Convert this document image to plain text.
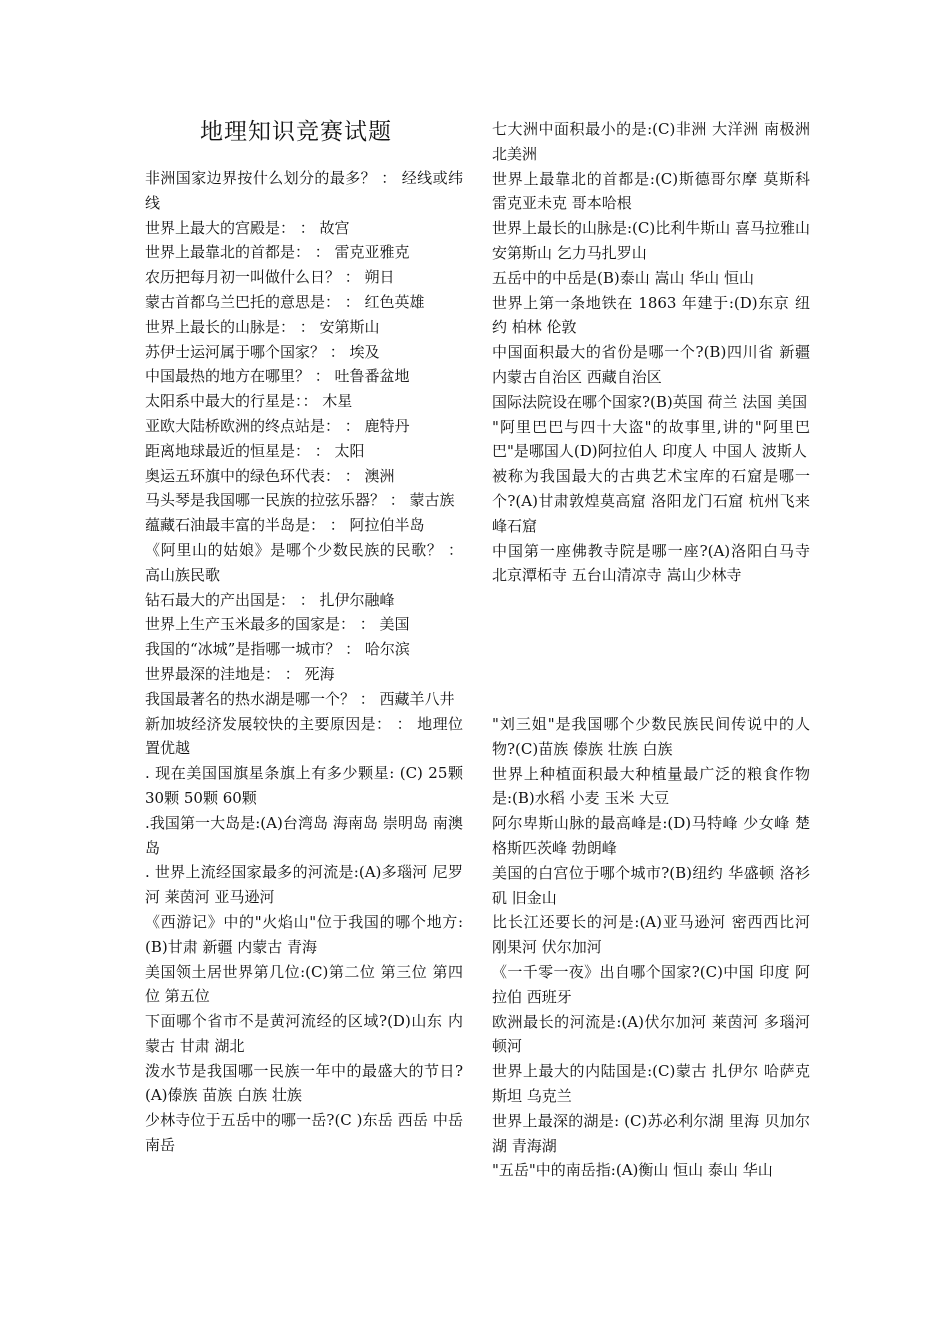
地理知识竞赛试题
非洲国家边界按什么划分的最多？ ： 经线或纬线
世界上最大的宫殿是： ： 故宫
世界上最靠北的首都是： ： 雷克亚雅克
农历把每月初一叫做什么日？ ： 朔日
蒙古首都乌兰巴托的意思是： ： 红色英雄
世界上最长的山脉是： ： 安第斯山
苏伊士运河属于哪个国家？ ： 埃及
中国最热的地方在哪里？ ： 吐鲁番盆地
太阳系中最大的行星是：： 木星
亚欧大陆桥欧洲的终点站是： ： 鹿特丹
距离地球最近的恒星是： ： 太阳
奥运五环旗中的绿色环代表： ： 澳洲
马头琴是我国哪一民族的拉弦乐器？ ： 蒙古族
蕴藏石油最丰富的半岛是： ： 阿拉伯半岛
《阿里山的姑娘》是哪个少数民族的民歌？ ： 高山族民歌
钻石最大的产出国是： ： 扎伊尔融峰
世界上生产玉米最多的国家是： ： 美国
我国的“冰城”是指哪一城市？ ： 哈尔滨
世界最深的洼地是： ： 死海
我国最著名的热水湖是哪一个？ ： 西藏羊八井
新加坡经济发展较快的主要原因是： ： 地理位置优越
. 现在美国国旗星条旗上有多少颗星: (C) 25颗 30颗 50颗 60颗
.我国第一大岛是:(A)台湾岛 海南岛 崇明岛 南澳岛
. 世界上流经国家最多的河流是:(A)多瑙河 尼罗河 莱茵河 亚马逊河
《西游记》中的"火焰山"位于我国的哪个地方:(B)甘肃 新疆 内蒙古 青海
美国领土居世界第几位:(C)第二位 第三位 第四位 第五位
下面哪个省市不是黄河流经的区域?(D)山东 内蒙古 甘肃 湖北
泼水节是我国哪一民族一年中的最盛大的节日?(A)傣族 苗族 白族 壮族
少林寺位于五岳中的哪一岳?(C )东岳 西岳 中岳 南岳
七大洲中面积最小的是:(C)非洲 大洋洲 南极洲 北美洲
世界上最靠北的首都是:(C)斯德哥尔摩 莫斯科 雷克亚未克 哥本哈根
世界上最长的山脉是:(C)比利牛斯山 喜马拉雅山 安第斯山 乞力马扎罗山
五岳中的中岳是(B)泰山 嵩山 华山 恒山
世界上第一条地铁在 1863 年建于:(D)东京 纽约 柏林 伦敦
中国面积最大的省份是哪一个?(B)四川省 新疆 内蒙古自治区 西藏自治区
国际法院设在哪个国家?(B)英国 荷兰 法国 美国
"阿里巴巴与四十大盗"的故事里,讲的"阿里巴巴"是哪国人(D)阿拉伯人 印度人 中国人 波斯人
被称为我国最大的古典艺术宝库的石窟是哪一个?(A)甘肃敦煌莫高窟 洛阳龙门石窟 杭州飞来峰石窟
中国第一座佛教寺院是哪一座?(A)洛阳白马寺 北京潭柘寺 五台山清凉寺 嵩山少林寺
"刘三姐"是我国哪个少数民族民间传说中的人物?(C)苗族 傣族 壮族 白族
世界上种植面积最大种植量最广泛的粮食作物是:(B)水稻 小麦 玉米 大豆
阿尔卑斯山脉的最高峰是:(D)马特峰 少女峰 楚格斯匹茨峰 勃朗峰
美国的白宫位于哪个城市?(B)纽约 华盛顿 洛衫矶 旧金山
比长江还要长的河是:(A)亚马逊河 密西西比河 刚果河 伏尔加河
《一千零一夜》出自哪个国家?(C)中国 印度 阿拉伯 西班牙
欧洲最长的河流是:(A)伏尔加河 莱茵河 多瑙河 顿河
世界上最大的内陆国是:(C)蒙古 扎伊尔 哈萨克斯坦 乌克兰
世界上最深的湖是: (C)苏必利尔湖 里海 贝加尔湖 青海湖
"五岳"中的南岳指:(A)衡山 恒山 泰山 华山
